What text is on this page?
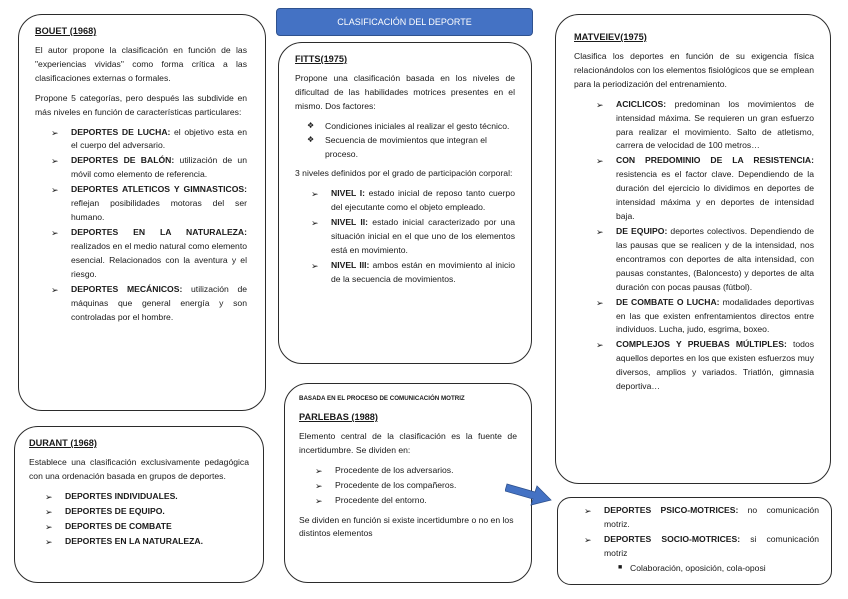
CLASIFICACIÓN DEL DEPORTE
BOUET (1968)
El autor propone la clasificación en función de las "experiencias vividas" como forma crítica a las clasificaciones externas o formales.
Propone 5 categorías, pero después las subdivide en más niveles en función de características particulares:
➢ DEPORTES DE LUCHA: el objetivo esta en el cuerpo del adversario.
➢ DEPORTES DE BALÓN: utilización de un móvil como elemento de referencia.
➢ DEPORTES ATLETICOS Y GIMNASTICOS: reflejan posibilidades motoras del ser humano.
➢ DEPORTES EN LA NATURALEZA: realizados en el medio natural como elemento esencial. Relacionados con la aventura y el riesgo.
➢ DEPORTES MECÁNICOS: utilización de máquinas que general energía y son controladas por el hombre.
DURANT (1968)
Establece una clasificación exclusivamente pedagógica con una ordenación basada en grupos de deportes.
➢ DEPORTES INDIVIDUALES.
➢ DEPORTES DE EQUIPO.
➢ DEPORTES DE COMBATE
➢ DEPORTES EN LA NATURALEZA.
FITTS(1975)
Propone una clasificación basada en los niveles de dificultad de las habilidades motrices presentes en el mismo. Dos factores:
❖ Condiciones iniciales al realizar el gesto técnico.
❖ Secuencia de movimientos que integran el proceso.
3 niveles definidos por el grado de participación corporal:
➢ NIVEL I: estado inicial de reposo tanto cuerpo del ejecutante como el objeto empleado.
➢ NIVEL II: estado inicial caracterizado por una situación inicial en el que uno de los elementos está en movimiento.
➢ NIVEL III: ambos están en movimiento al inicio de la secuencia de movimientos.
BASADA EN EL PROCESO DE COMUNICACIÓN MOTRIZ
PARLEBAS (1988)
Elemento central de la clasificación es la fuente de incertidumbre. Se dividen en:
➢ Procedente de los adversarios.
➢ Procedente de los compañeros.
➢ Procedente del entorno.
Se dividen en función si existe incertidumbre o no en los distintos elementos
MATVEIEV(1975)
Clasifica los deportes en función de su exigencia física relacionándolos con los elementos fisiológicos que se emplean para la periodización del entrenamiento.
➢ ACICLICOS: predominan los movimientos de intensidad máxima. Se requieren un gran esfuerzo para realizar el movimiento. Salto de atletismo, carrera de velocidad de 100 metros…
➢ CON PREDOMINIO DE LA RESISTENCIA: resistencia es el factor clave. Dependiendo de la duración del ejercicio lo dividimos en deportes de intensidad máxima y en deportes de intensidad baja.
➢ DE EQUIPO: deportes colectivos. Dependiendo de las pausas que se realicen y de la intensidad, nos encontramos con deportes de alta intensidad, con pausas constantes, (Baloncesto) y deportes de alta duración con pocas pausas (fútbol).
➢ DE COMBATE O LUCHA: modalidades deportivas en las que existen enfrentamientos directos entre individuos. Lucha, judo, esgrima, boxeo.
➢ COMPLEJOS Y PRUEBAS MÚLTIPLES: todos aquellos deportes en los que existen esfuerzos muy diversos, amplios y variados. Triatlón, gimnasia deportiva…
➢ DEPORTES PSICO-MOTRICES: no comunicación motriz.
➢ DEPORTES SOCIO-MOTRICES: si comunicación motriz
■ Colaboración, oposición, cola-oposi
